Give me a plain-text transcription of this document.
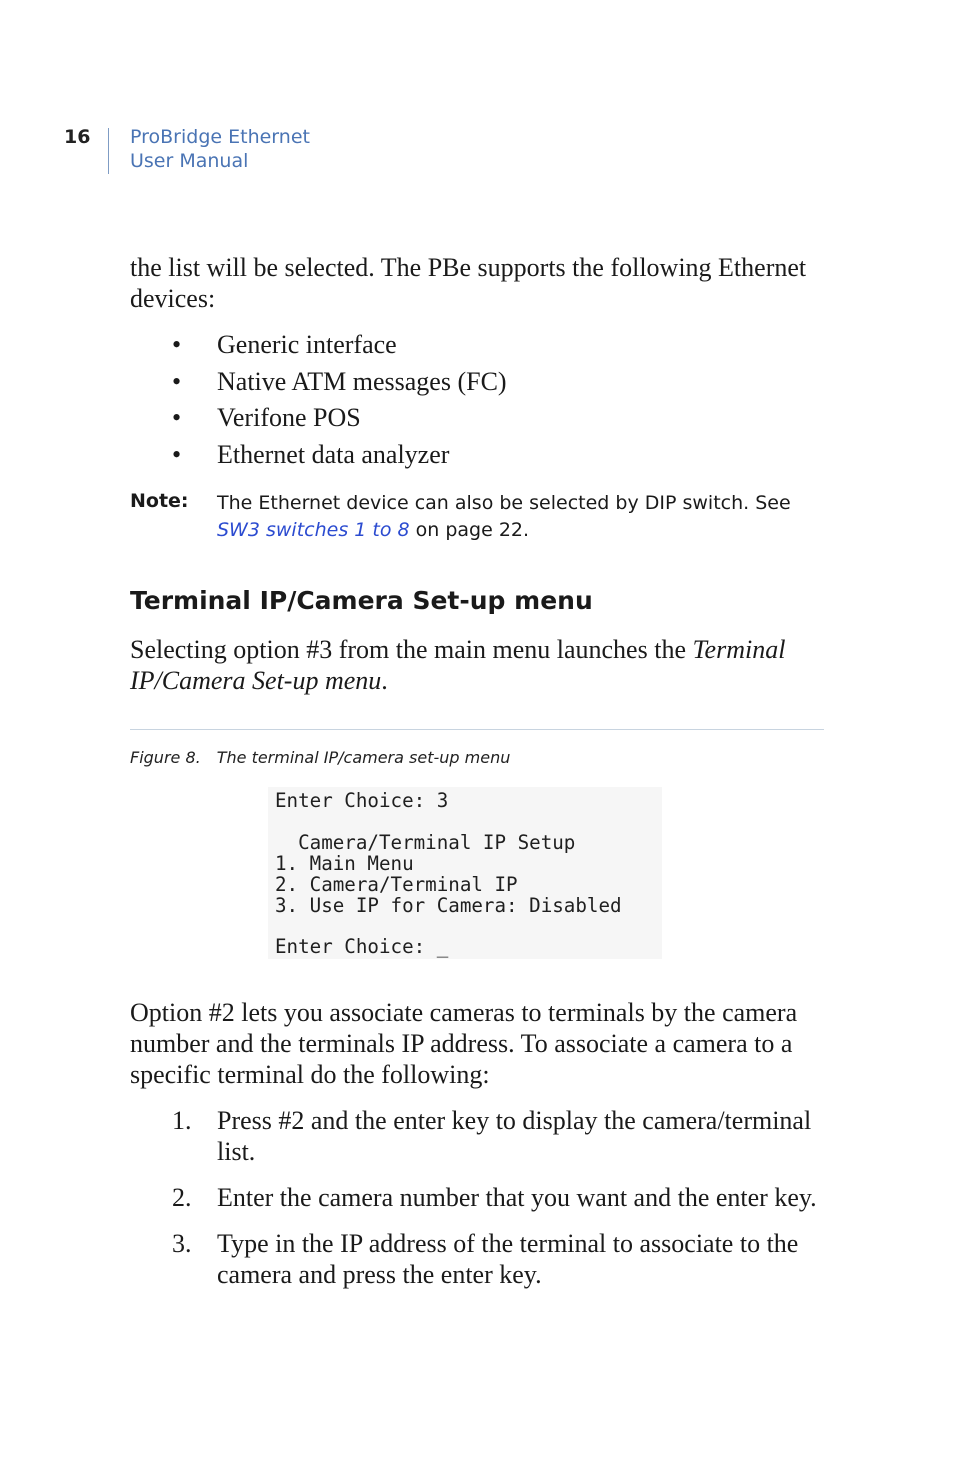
16 ProBridge Ethernet
User Manual

the list will be selected. The PBe supports the following Ethernet devices:

• Generic interface
• Native ATM messages (FC)
• Verifone POS
• Ethernet data analyzer
Note: The Ethernet device can also be selected by DIP switch. See SW3 switches 1 to 8 on page 22.
Terminal IP/Camera Set-up menu

Selecting option #3 from the main menu launches the Terminal IP/Camera Set-up menu.

Figure 8. The terminal IP/camera set-up menu
Enter Choice: 3
Camera/Terminal IP Setup
1. Main Menu
2. Camera/Terminal IP
3. Use IP for Camera: Disabled
Enter Choice: _

Option #2 lets you associate cameras to terminals by the camera number and the terminals IP address. To associate a camera to a specific terminal do the following:

1. Press #2 and the enter key to display the camera/terminal list.
2. Enter the camera number that you want and the enter key.
3. Type in the IP address of the terminal to associate to the camera and press the enter key.
